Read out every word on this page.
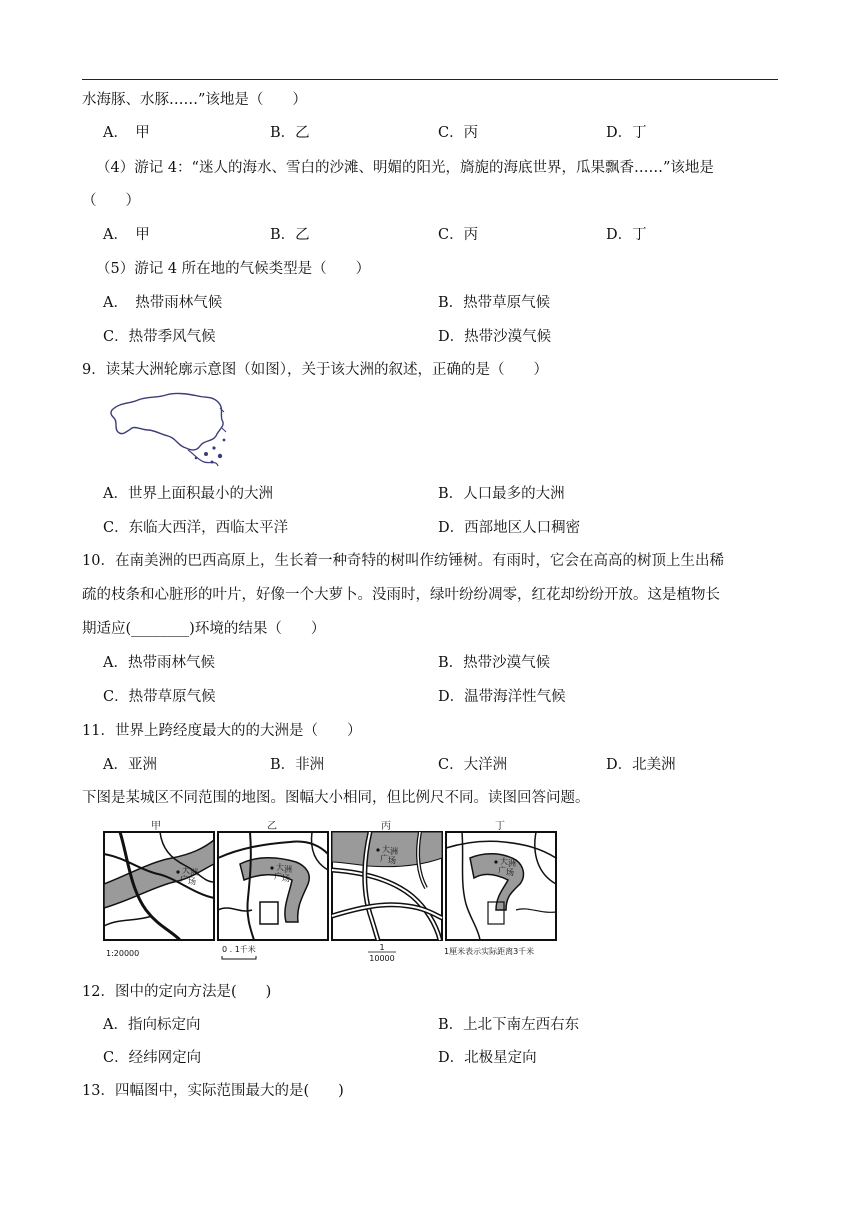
水海豚、水豚……”该地是（　　）
A．　甲	B．乙	C．丙	D．丁
（4）游记 4：“迷人的海水、雪白的沙滩、明媚的阳光，旖旎的海底世界，瓜果飘香……”该地是
（　　）
A．　甲	B．乙	C．丙	D．丁
（5）游记 4 所在地的气候类型是（　　）
A．　热带雨林气候	B．热带草原气候
C．热带季风气候	D．热带沙漠气候
9．读某大洲轮廓示意图（如图），关于该大洲的叙述，正确的是（　　）
A．世界上面积最小的大洲	B．人口最多的大洲
C．东临大西洋，西临太平洋	D．西部地区人口稠密
10．在南美洲的巴西高原上，生长着一种奇特的树叫作纺锤树。有雨时，它会在高高的树顶上生出稀
疏的枝条和心脏形的叶片，好像一个大萝卜。没雨时，绿叶纷纷凋零，红花却纷纷开放。这是植物长
期适应(________)环境的结果（　　）
A．热带雨林气候	B．热带沙漠气候
C．热带草原气候	D．温带海洋性气候
11．世界上跨经度最大的的大洲是（　　）
A．亚洲	B．非洲	C．大洋洲	D．北美洲
下图是某城区不同范围的地图。图幅大小相同，但比例尺不同。读图回答问题。
甲	乙	丙	丁
大 洲
广 场
1:20000
大 洲
广 场
0 . 1千米
大 洲
广 场
1
10000
大 洲
广 场
1厘米表示实际距离3千米
12．图中的定向方法是(　　)
A．指向标定向	B．上北下南左西右东
C．经纬网定向	D．北极星定向
13．四幅图中，实际范围最大的是(　　)
